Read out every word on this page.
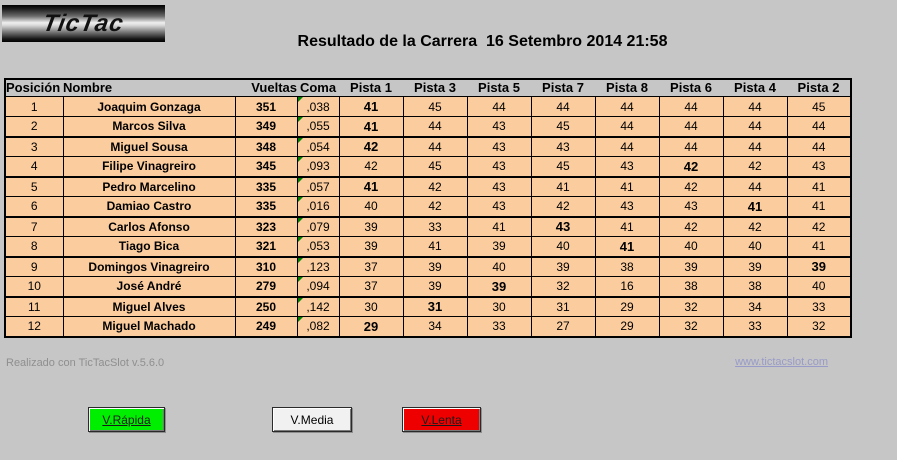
TicTac
Resultado de la Carrera  16 Setembro 2014 21:58
Posición	Nombre	Vueltas	Coma	Pista 1	Pista 3	Pista 5	Pista 7	Pista 8	Pista 6	Pista 4	Pista 2
1	Joaquim Gonzaga	351	,038	41	45	44	44	44	44	44	45
2	Marcos Silva	349	,055	41	44	43	45	44	44	44	44
3	Miguel Sousa	348	,054	42	44	43	43	44	44	44	44
4	Filipe Vinagreiro	345	,093	42	45	43	45	43	42	42	43
5	Pedro Marcelino	335	,057	41	42	43	41	41	42	44	41
6	Damiao Castro	335	,016	40	42	43	42	43	43	41	41
7	Carlos Afonso	323	,079	39	33	41	43	41	42	42	42
8	Tiago Bica	321	,053	39	41	39	40	41	40	40	41
9	Domingos Vinagreiro	310	,123	37	39	40	39	38	39	39	39
10	José André	279	,094	37	39	39	32	16	38	38	40
11	Miguel Alves	250	,142	30	31	30	31	29	32	34	33
12	Miguel Machado	249	,082	29	34	33	27	29	32	33	32
Realizado con TicTacSlot v.5.6.0	www.tictacslot.com
V.Rápida	V.Media	V.Lenta
